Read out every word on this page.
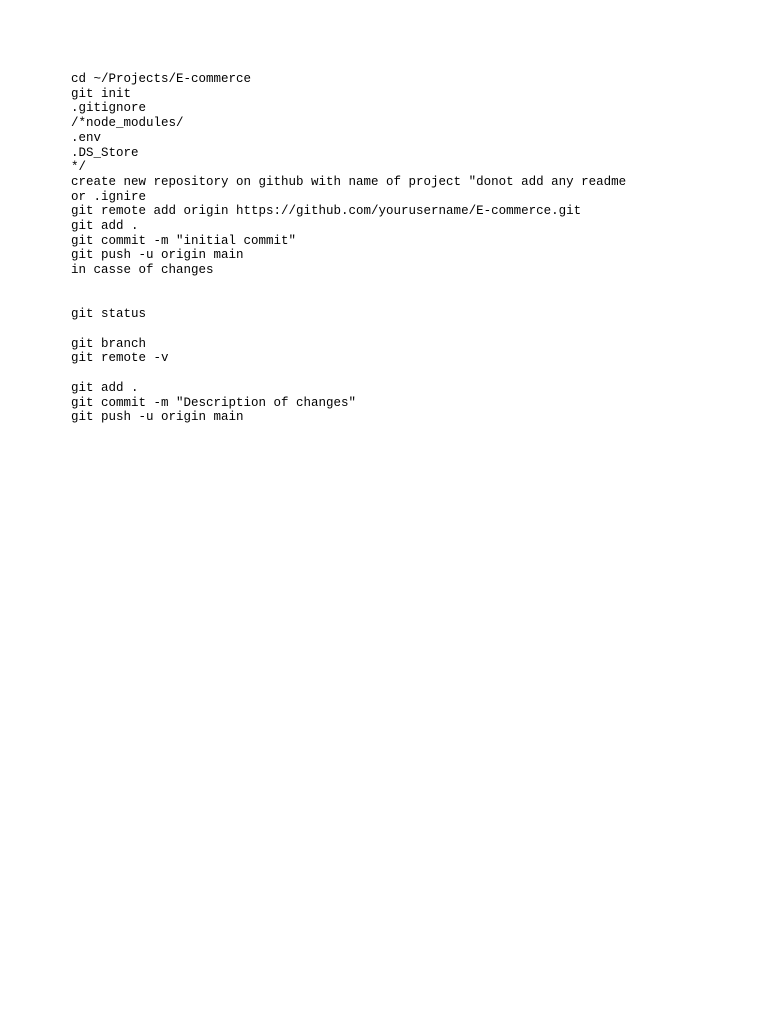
cd ~/Projects/E-commerce
git init
.gitignore
/*node_modules/
.env
.DS_Store
*/
create new repository on github with name of project "donot add any readme
or .ignire
git remote add origin https://github.com/yourusername/E-commerce.git
git add .
git commit -m "initial commit"
git push -u origin main
in casse of changes
git status
git branch
git remote -v
git add .
git commit -m "Description of changes"
git push -u origin main
